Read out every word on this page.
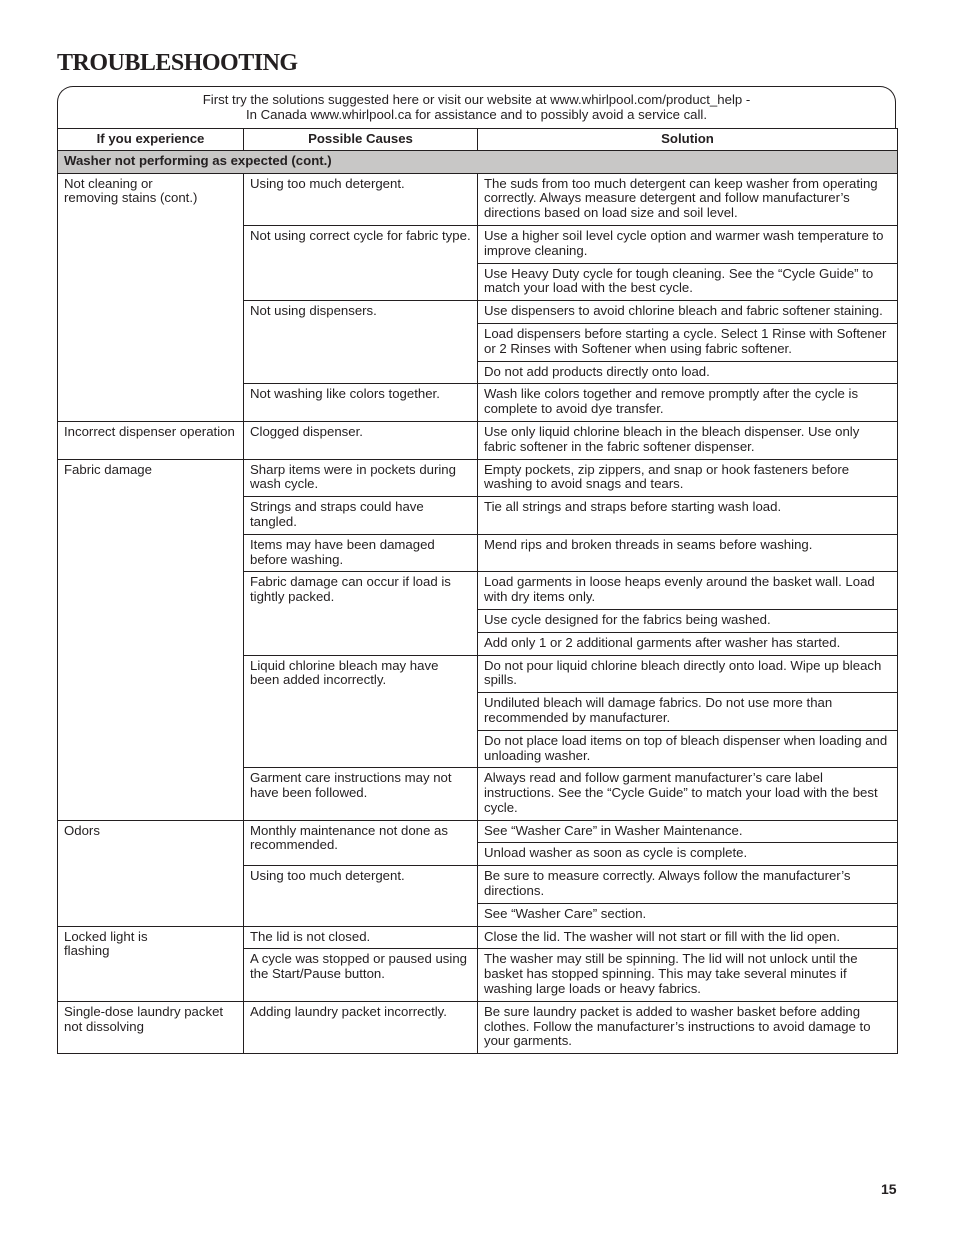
TROUBLESHOOTING
First try the solutions suggested here or visit our website at www.whirlpool.com/product_help -
In Canada www.whirlpool.ca for assistance and to possibly avoid a service call.
If you experience	Possible Causes	Solution
Washer not performing as expected (cont.)		
Not cleaning or
removing stains (cont.)	Using too much detergent.	The suds from too much detergent can keep washer from operating correctly. Always measure detergent and follow manufacturer’s directions based on load size and soil level.
	Not using correct cycle for fabric type.	Use a higher soil level cycle option and warmer wash temperature to improve cleaning.
		Use Heavy Duty cycle for tough cleaning. See the “Cycle Guide” to match your load with the best cycle.
	Not using dispensers.	Use dispensers to avoid chlorine bleach and fabric softener staining.
		Load dispensers before starting a cycle. Select 1 Rinse with Softener or 2 Rinses with Softener when using fabric softener.
		Do not add products directly onto load.
	Not washing like colors together.	Wash like colors together and remove promptly after the cycle is complete to avoid dye transfer.
Incorrect dispenser operation	Clogged dispenser.	Use only liquid chlorine bleach in the bleach dispenser. Use only fabric softener in the fabric softener dispenser.
Fabric damage	Sharp items were in pockets during wash cycle.	Empty pockets, zip zippers, and snap or hook fasteners before washing to avoid snags and tears.
	Strings and straps could have tangled.	Tie all strings and straps before starting wash load.
	Items may have been damaged before washing.	Mend rips and broken threads in seams before washing.
	Fabric damage can occur if load is tightly packed.	Load garments in loose heaps evenly around the basket wall. Load with dry items only.
		Use cycle designed for the fabrics being washed.
		Add only 1 or 2 additional garments after washer has started.
	Liquid chlorine bleach may have been added incorrectly.	Do not pour liquid chlorine bleach directly onto load. Wipe up bleach spills.
		Undiluted bleach will damage fabrics. Do not use more than recommended by manufacturer.
		Do not place load items on top of bleach dispenser when loading and unloading washer.
	Garment care instructions may not have been followed.	Always read and follow garment manufacturer’s care label instructions. See the “Cycle Guide” to match your load with the best cycle.
Odors	Monthly maintenance not done as recommended.	See “Washer Care” in Washer Maintenance.
		Unload washer as soon as cycle is complete.
	Using too much detergent.	Be sure to measure correctly. Always follow the manufacturer’s directions.
		See “Washer Care” section.
Locked light is
flashing	The lid is not closed.	Close the lid. The washer will not start or fill with the lid open.
	A cycle was stopped or paused using the Start/Pause button.	The washer may still be spinning. The lid will not unlock until the basket has stopped spinning. This may take several minutes if washing large loads or heavy fabrics.
Single-dose laundry packet not dissolving	Adding laundry packet incorrectly.	Be sure laundry packet is added to washer basket before adding clothes. Follow the manufacturer’s instructions to avoid damage to your garments.
15
